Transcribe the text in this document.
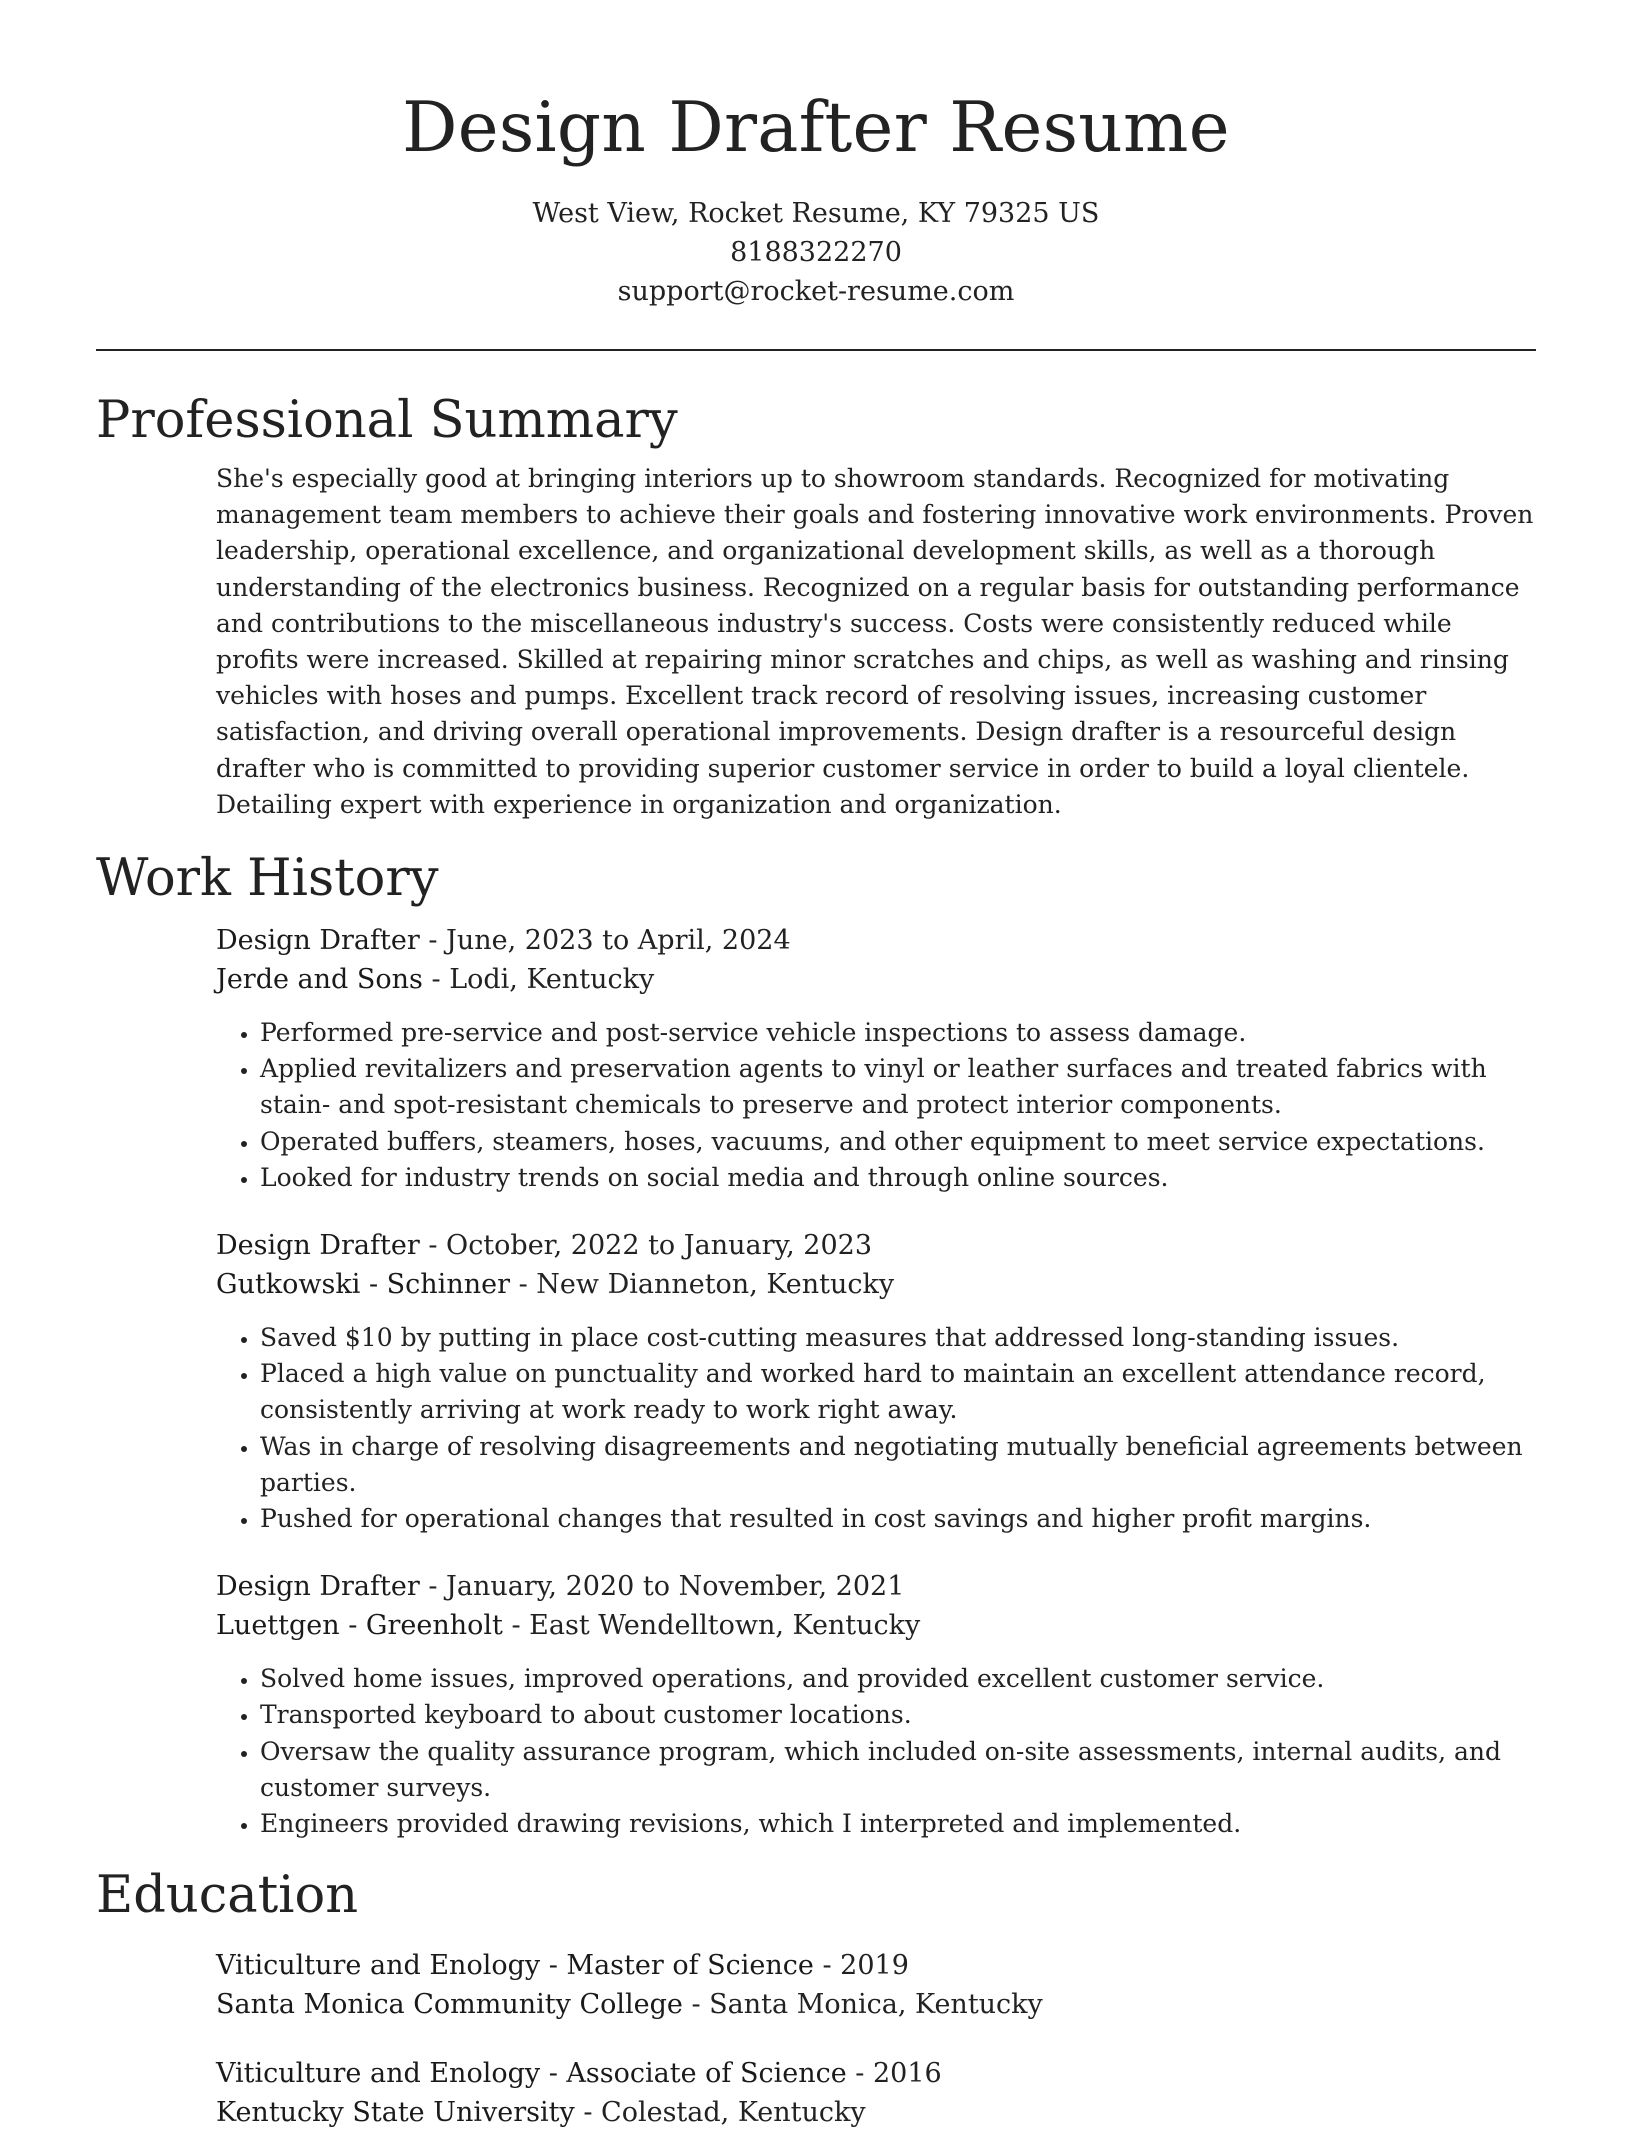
Design Drafter Resume
West View, Rocket Resume, KY 79325 US
8188322270
support@rocket-resume.com
Professional Summary

She's especially good at bringing interiors up to showroom standards. Recognized for motivating management team members to achieve their goals and fostering innovative work environments. Proven leadership, operational excellence, and organizational development skills, as well as a thorough understanding of the electronics business. Recognized on a regular basis for outstanding performance and contributions to the miscellaneous industry's success. Costs were consistently reduced while profits were increased. Skilled at repairing minor scratches and chips, as well as washing and rinsing vehicles with hoses and pumps. Excellent track record of resolving issues, increasing customer satisfaction, and driving overall operational improvements. Design drafter is a resourceful design drafter who is committed to providing superior customer service in order to build a loyal clientele. Detailing expert with experience in organization and organization.

Work History

Design Drafter - June, 2023 to April, 2024

Jerde and Sons - Lodi, Kentucky

• Performed pre-service and post-service vehicle inspections to assess damage.
• Applied revitalizers and preservation agents to vinyl or leather surfaces and treated fabrics with stain- and spot-resistant chemicals to preserve and protect interior components.
• Operated buffers, steamers, hoses, vacuums, and other equipment to meet service expectations.
• Looked for industry trends on social media and through online sources.

Design Drafter - October, 2022 to January, 2023

Gutkowski - Schinner - New Dianneton, Kentucky

• Saved $10 by putting in place cost-cutting measures that addressed long-standing issues.
• Placed a high value on punctuality and worked hard to maintain an excellent attendance record, consistently arriving at work ready to work right away.
• Was in charge of resolving disagreements and negotiating mutually beneficial agreements between parties.
• Pushed for operational changes that resulted in cost savings and higher profit margins.

Design Drafter - January, 2020 to November, 2021

Luettgen - Greenholt - East Wendelltown, Kentucky

• Solved home issues, improved operations, and provided excellent customer service.
• Transported keyboard to about customer locations.
• Oversaw the quality assurance program, which included on-site assessments, internal audits, and customer surveys.
• Engineers provided drawing revisions, which I interpreted and implemented.
Education

Viticulture and Enology - Master of Science - 2019

Santa Monica Community College - Santa Monica, Kentucky

Viticulture and Enology - Associate of Science - 2016

Kentucky State University - Colestad, Kentucky
